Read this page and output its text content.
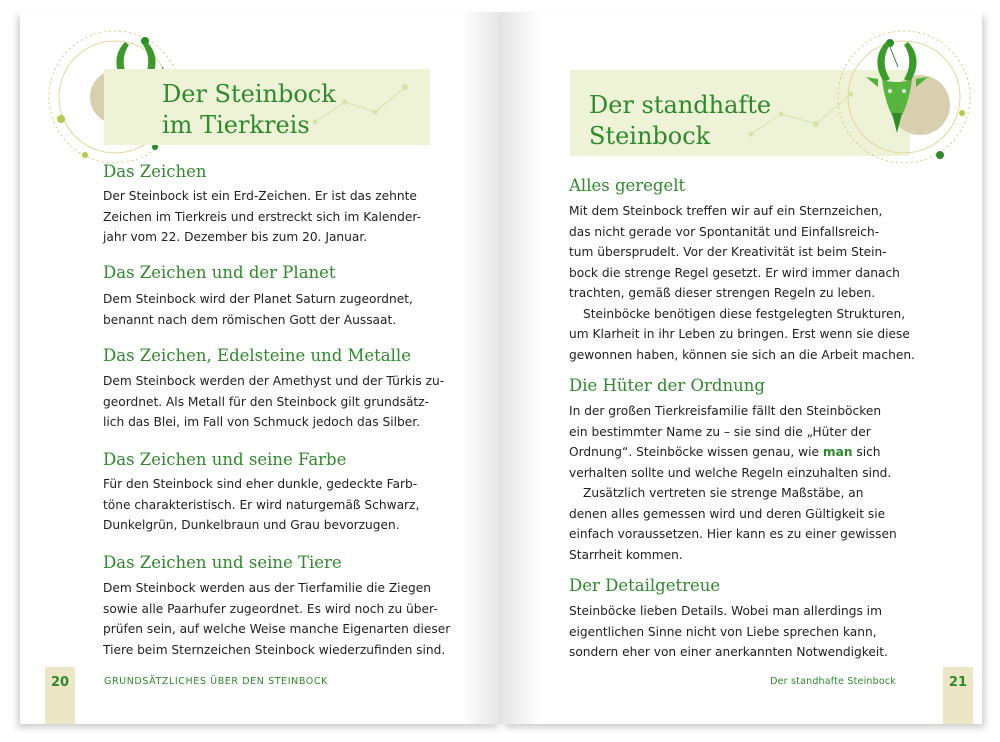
Der Steinbock
im Tierkreis
Das Zeichen

Der Steinbock ist ein Erd-Zeichen. Er ist das zehnte
Zeichen im Tierkreis und erstreckt sich im Kalender-
jahr vom 22. Dezember bis zum 20. Januar.

Das Zeichen und der Planet

Dem Steinbock wird der Planet Saturn zugeordnet,
benannt nach dem römischen Gott der Aussaat.

Das Zeichen, Edelsteine und Metalle

Dem Steinbock werden der Amethyst und der Türkis zu-
geordnet. Als Metall für den Steinbock gilt grundsätz-
lich das Blei, im Fall von Schmuck jedoch das Silber.

Das Zeichen und seine Farbe

Für den Steinbock sind eher dunkle, gedeckte Farb-
töne charakteristisch. Er wird naturgemäß Schwarz,
Dunkelgrün, Dunkelbraun und Grau bevorzugen.

Das Zeichen und seine Tiere

Dem Steinbock werden aus der Tierfamilie die Ziegen
sowie alle Paarhufer zugeordnet. Es wird noch zu über-
prüfen sein, auf welche Weise manche Eigenarten dieser
Tiere beim Sternzeichen Steinbock wiederzufinden sind.

20	GRUNDSÄTZLICHES ÜBER DEN STEINBOCK
Der standhafte
Steinbock
Alles geregelt

Mit dem Steinbock treffen wir auf ein Sternzeichen,
das nicht gerade vor Spontanität und Einfallsreich-
tum übersprudelt. Vor der Kreativität ist beim Stein-
bock die strenge Regel gesetzt. Er wird immer danach
trachten, gemäß dieser strengen Regeln zu leben.
Steinböcke benötigen diese festgelegten Strukturen,
um Klarheit in ihr Leben zu bringen. Erst wenn sie diese
gewonnen haben, können sie sich an die Arbeit machen.

Die Hüter der Ordnung

In der großen Tierkreisfamilie fällt den Steinböcken
ein bestimmter Name zu – sie sind die „Hüter der
Ordnung“. Steinböcke wissen genau, wie man sich
verhalten sollte und welche Regeln einzuhalten sind.
Zusätzlich vertreten sie strenge Maßstäbe, an
denen alles gemessen wird und deren Gültigkeit sie
einfach voraussetzen. Hier kann es zu einer gewissen
Starrheit kommen.

Der Detailgetreue

Steinböcke lieben Details. Wobei man allerdings im
eigentlichen Sinne nicht von Liebe sprechen kann,
sondern eher von einer anerkannten Notwendigkeit.

Der standhafte Steinbock	21
